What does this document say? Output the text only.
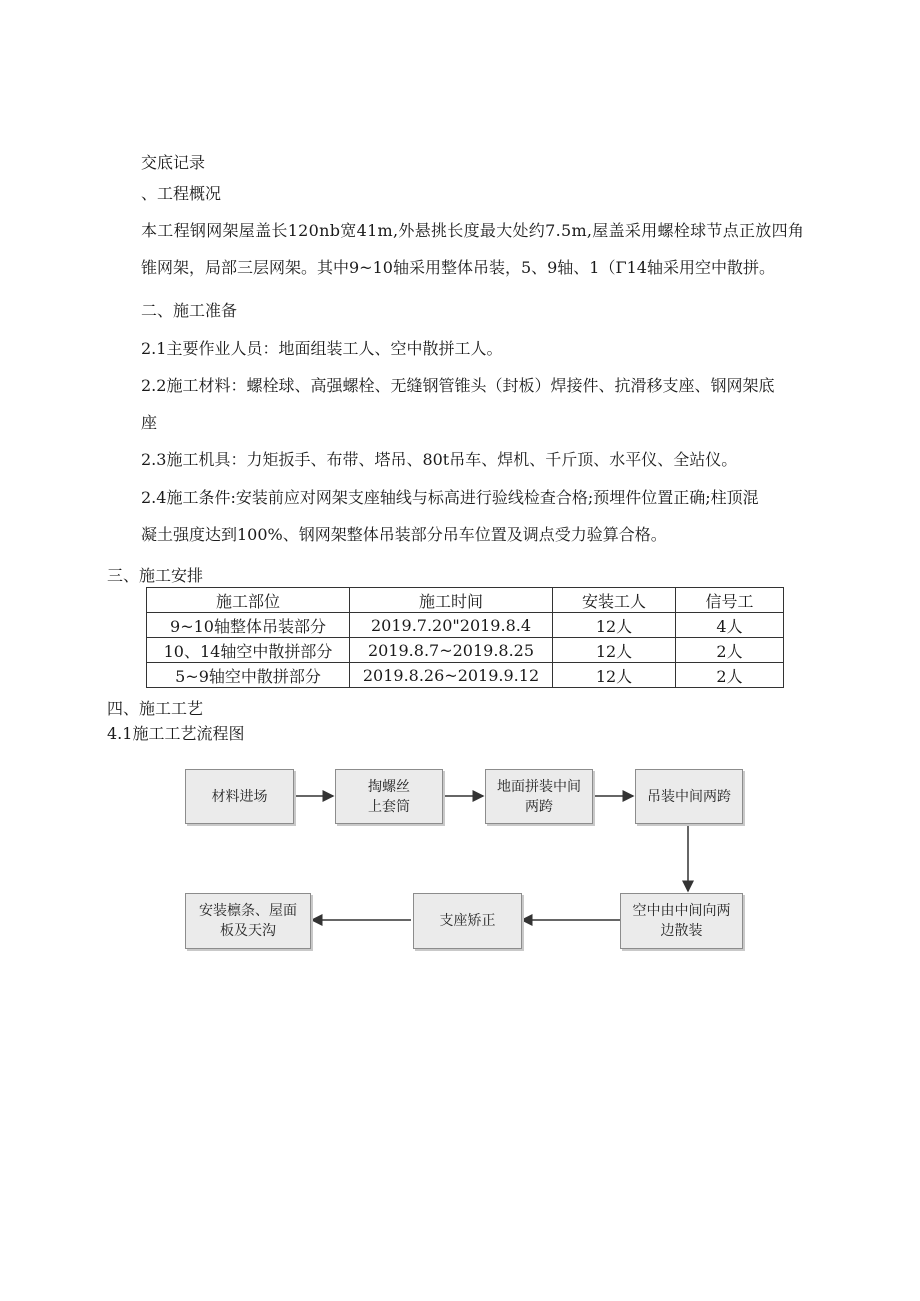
交底记录
、工程概况
本工程钢网架屋盖长120nb宽41m,外悬挑长度最大处约7.5m,屋盖采用螺栓球节点正放四角
锥网架，局部三层网架。其中9~10轴采用整体吊装，5、9轴、1（Γ14轴采用空中散拼。
二、施工准备
2.1主要作业人员：地面组装工人、空中散拼工人。
2.2施工材料：螺栓球、高强螺栓、无缝钢管锥头（封板）焊接件、抗滑移支座、钢网架底
座
2.3施工机具：力矩扳手、布带、塔吊、80t吊车、焊机、千斤顶、水平仪、全站仪。
2.4施工条件:安装前应对网架支座轴线与标高进行验线检查合格;预埋件位置正确;柱顶混
凝土强度达到100%、钢网架整体吊装部分吊车位置及调点受力验算合格。
三、施工安排
施工部位	施工时间	安装工人	信号工
9~10轴整体吊装部分	2019.7.20"2019.8.4	12人	4人
10、14轴空中散拼部分	2019.8.7~2019.8.25	12人	2人
5~9轴空中散拼部分	2019.8.26~2019.9.12	12人	2人
四、施工工艺
4.1施工工艺流程图
材料进场
掏螺丝
上套筒
地面拼装中间
两跨
吊装中间两跨
空中由中间向两
边散装
支座矫正
安装檩条、屋面
板及天沟
